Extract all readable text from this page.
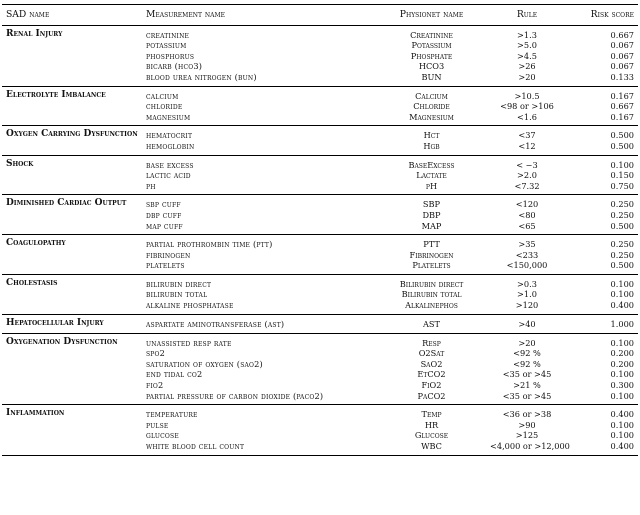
SAD name	Measurement name	Physionet name	Rule	Risk score
Renal Injury	creatinine	Creatinine	>1.3	0.667
	potassium	Potassium	>5.0	0.067
	phosphorus	Phosphate	>4.5	0.067
	bicarb (hco3)	HCO3	>26	0.067
	blood urea nitrogen (bun)	BUN	>20	0.133
Electrolyte Imbalance	calcium	Calcium	>10.5	0.167
	chloride	Chloride	<98 or >106	0.667
	magnesium	Magnesium	<1.6	0.167
Oxygen Carrying Dysfunction	hematocrit	Hct	<37	0.500
	hemoglobin	Hgb	<12	0.500
Shock	base excess	BaseExcess	< −3	0.100
	lactic acid	Lactate	>2.0	0.150
	ph	pH	<7.32	0.750
Diminished Cardiac Output	sbp cuff	SBP	<120	0.250
	dbp cuff	DBP	<80	0.250
	map cuff	MAP	<65	0.500
Coagulopathy	partial prothrombin time (ptt)	PTT	>35	0.250
	fibrinogen	Fibrinogen	<233	0.250
	platelets	Platelets	<150,000	0.500
Cholestasis	bilirubin direct	Bilirubin direct	>0.3	0.100
	bilirubin total	Bilirubin total	>1.0	0.100
	alkaline phosphatase	Alkalinephos	>120	0.400
Hepatocellular Injury	aspartate aminotransferase (ast)	AST	>40	1.000
Oxygenation Dysfunction	unassisted resp rate	Resp	>20	0.100
	spo2	O2Sat	<92 %	0.200
	saturation of oxygen (sao2)	SaO2	<92 %	0.200
	end tidal co2	EtCO2	<35 or >45	0.100
	fio2	FiO2	>21 %	0.300
	partial pressure of carbon dioxide (paco2)	PaCO2	<35 or >45	0.100
Inflammation	temperature	Temp	<36 or >38	0.400
	pulse	HR	>90	0.100
	glucose	Glucose	>125	0.100
	white blood cell count	WBC	<4,000 or >12,000	0.400
